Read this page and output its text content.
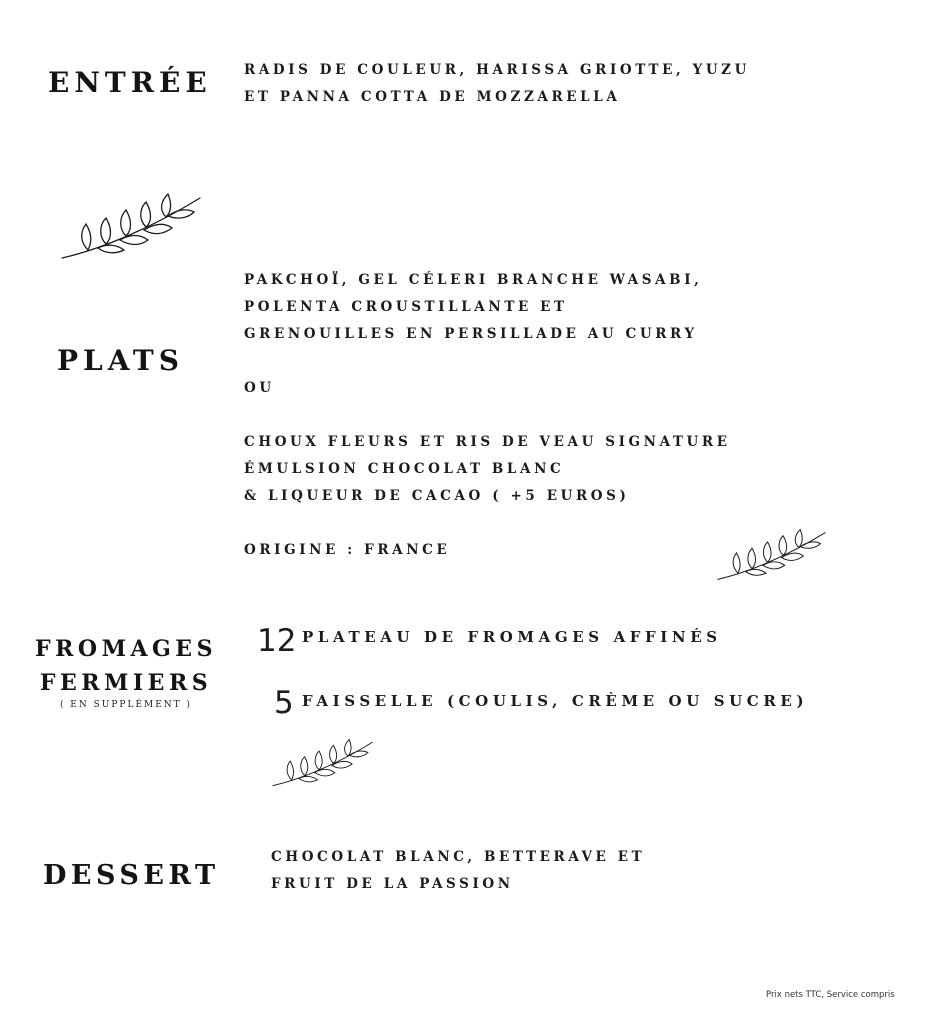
ENTRÉE RADIS DE COULEUR, HARISSA GRIOTTE, YUZU
ET PANNA COTTA DE MOZZARELLA
PLATS
PAKCHOÏ, GEL CÉLERI BRANCHE WASABI,
POLENTA CROUSTILLANTE ET
GRENOUILLES EN PERSILLADE AU CURRY
OU
CHOUX FLEURS ET RIS DE VEAU SIGNATURE
ÉMULSION CHOCOLAT BLANC
& LIQUEUR DE CACAO ( +5 EUROS)
ORIGINE : FRANCE
FROMAGES
FERMIERS
( EN SUPPLÉMENT )
12 PLATEAU DE FROMAGES AFFINÉS
5 FAISSELLE (COULIS, CRÈME OU SUCRE)
DESSERT
CHOCOLAT BLANC, BETTERAVE ET
FRUIT DE LA PASSION
Prix nets TTC, Service compris
